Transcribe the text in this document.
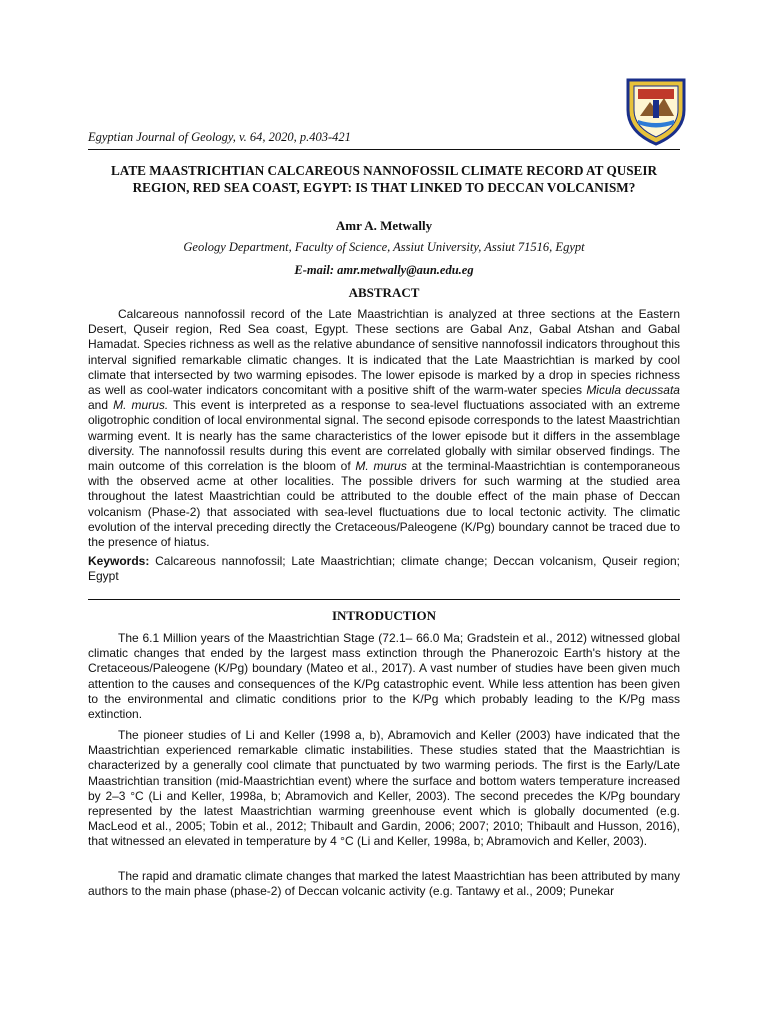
Egyptian Journal of Geology, v. 64, 2020, p.403-421
LATE MAASTRICHTIAN CALCAREOUS NANNOFOSSIL CLIMATE RECORD AT QUSEIR REGION, RED SEA COAST, EGYPT: IS THAT LINKED TO DECCAN VOLCANISM?
Amr A. Metwally
Geology Department, Faculty of Science, Assiut University, Assiut 71516, Egypt
E-mail: amr.metwally@aun.edu.eg
ABSTRACT
Calcareous nannofossil record of the Late Maastrichtian is analyzed at three sections at the Eastern Desert, Quseir region, Red Sea coast, Egypt. These sections are Gabal Anz, Gabal Atshan and Gabal Hamadat. Species richness as well as the relative abundance of sensitive nannofossil indicators throughout this interval signified remarkable climatic changes. It is indicated that the Late Maastrichtian is marked by cool climate that intersected by two warming episodes. The lower episode is marked by a drop in species richness as well as cool-water indicators concomitant with a positive shift of the warm-water species Micula decussata and M. murus. This event is interpreted as a response to sea-level fluctuations associated with an extreme oligotrophic condition of local environmental signal. The second episode corresponds to the latest Maastrichtian warming event. It is nearly has the same characteristics of the lower episode but it differs in the assemblage diversity. The nannofossil results during this event are correlated globally with similar observed findings. The main outcome of this correlation is the bloom of M. murus at the terminal-Maastrichtian is contemporaneous with the observed acme at other localities. The possible drivers for such warming at the studied area throughout the latest Maastrichtian could be attributed to the double effect of the main phase of Deccan volcanism (Phase-2) that associated with sea-level fluctuations due to local tectonic activity. The climatic evolution of the interval preceding directly the Cretaceous/Paleogene (K/Pg) boundary cannot be traced due to the presence of hiatus.
Keywords: Calcareous nannofossil; Late Maastrichtian; climate change; Deccan volcanism, Quseir region; Egypt
INTRODUCTION
The 6.1 Million years of the Maastrichtian Stage (72.1– 66.0 Ma; Gradstein et al., 2012) witnessed global climatic changes that ended by the largest mass extinction through the Phanerozoic Earth's history at the Cretaceous/Paleogene (K/Pg) boundary (Mateo et al., 2017). A vast number of studies have been given much attention to the causes and consequences of the K/Pg catastrophic event. While less attention has been given to the environmental and climatic conditions prior to the K/Pg which probably leading to the K/Pg mass extinction.
The pioneer studies of Li and Keller (1998 a, b), Abramovich and Keller (2003) have indicated that the Maastrichtian experienced remarkable climatic instabilities. These studies stated that the Maastrichtian is characterized by a generally cool climate that punctuated by two warming periods. The first is the Early/Late Maastrichtian transition (mid-Maastrichtian event) where the surface and bottom waters temperature increased by 2–3 °C (Li and Keller, 1998a, b; Abramovich and Keller, 2003). The second precedes the K/Pg boundary represented by the latest Maastrichtian warming greenhouse event which is globally documented (e.g. MacLeod et al., 2005; Tobin et al., 2012; Thibault and Gardin, 2006; 2007; 2010; Thibault and Husson, 2016), that witnessed an elevated in temperature by 4 °C (Li and Keller, 1998a, b; Abramovich and Keller, 2003).
The rapid and dramatic climate changes that marked the latest Maastrichtian has been attributed by many authors to the main phase (phase-2) of Deccan volcanic activity (e.g. Tantawy et al., 2009; Punekar
